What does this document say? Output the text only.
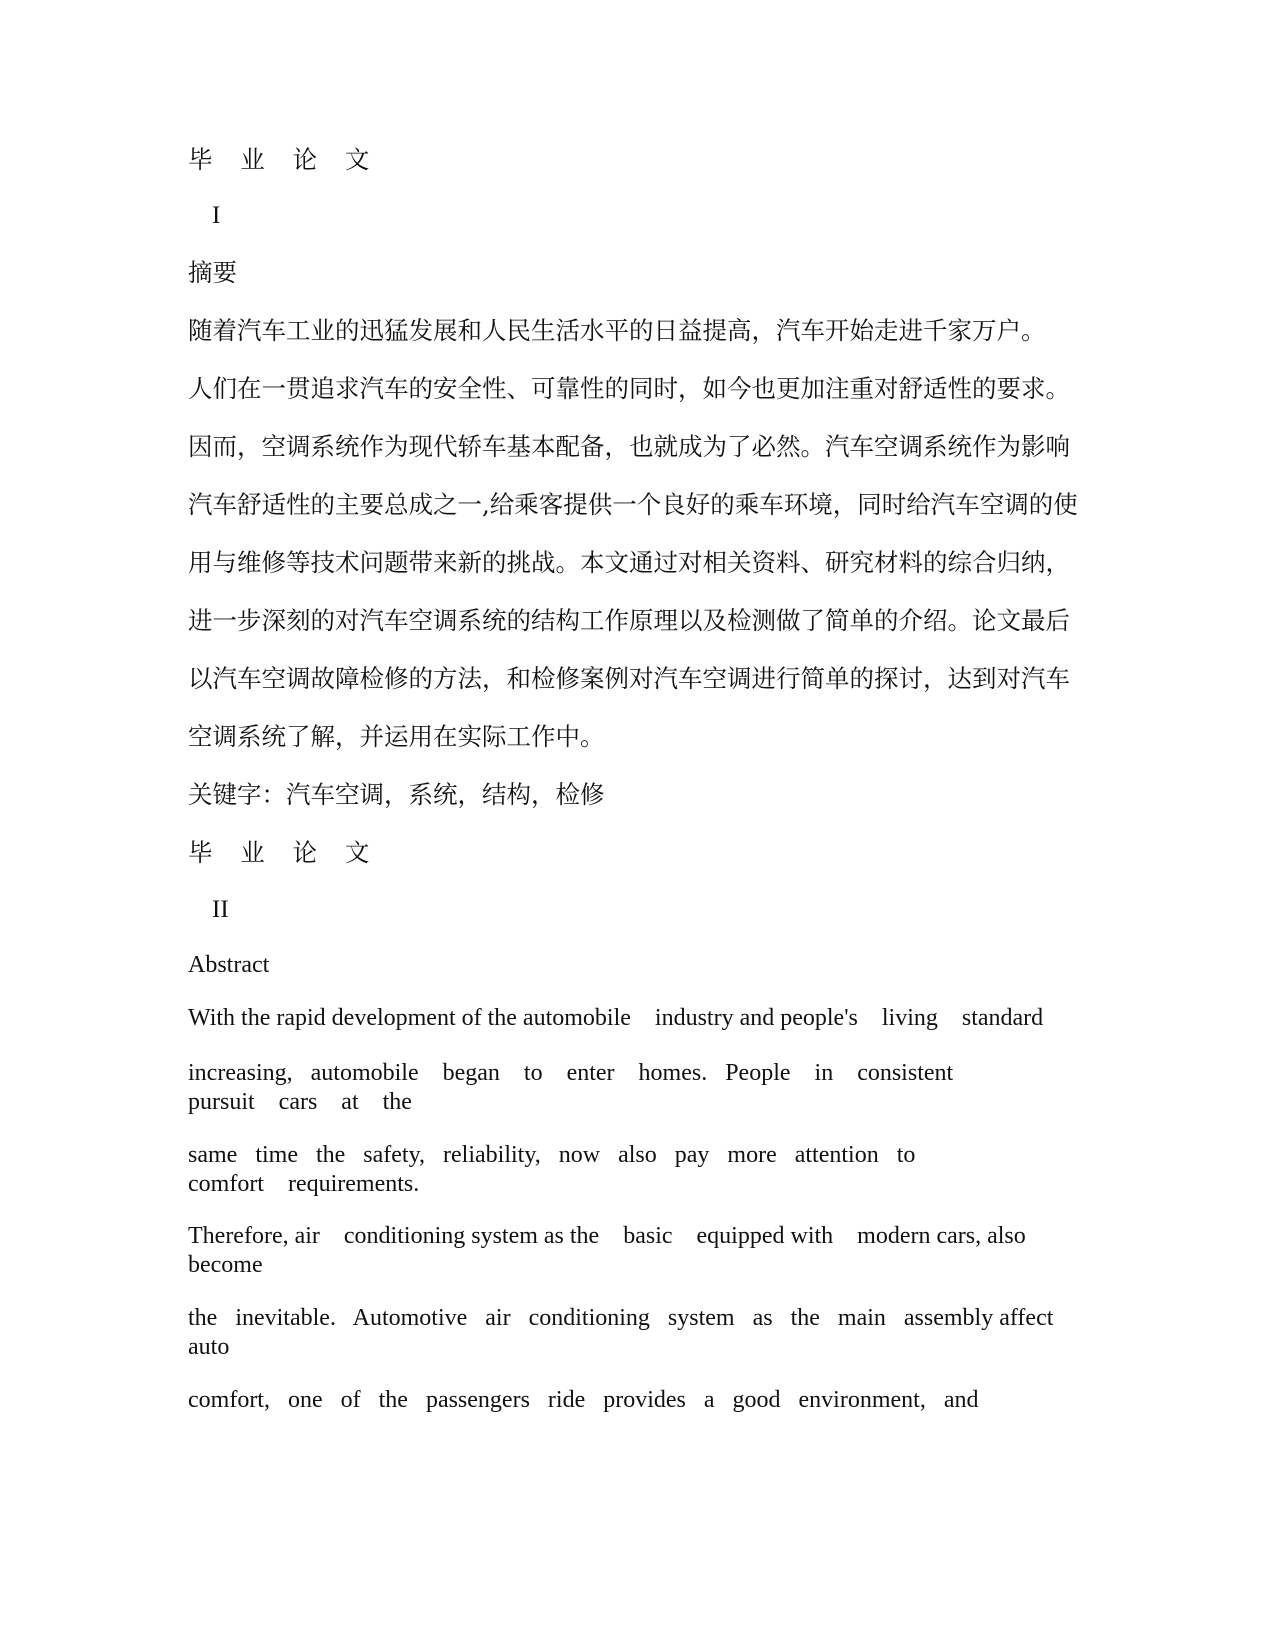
毕 业 论 文
I
摘要
随着汽车工业的迅猛发展和人民生活水平的日益提高，汽车开始走进千家万户。
人们在一贯追求汽车的安全性、可靠性的同时，如今也更加注重对舒适性的要求。
因而，空调系统作为现代轿车基本配备，也就成为了必然。汽车空调系统作为影响
汽车舒适性的主要总成之一,给乘客提供一个良好的乘车环境，同时给汽车空调的使
用与维修等技术问题带来新的挑战。本文通过对相关资料、研究材料的综合归纳，
进一步深刻的对汽车空调系统的结构工作原理以及检测做了简单的介绍。论文最后
以汽车空调故障检修的方法，和检修案例对汽车空调进行简单的探讨，达到对汽车
空调系统了解，并运用在实际工作中。
关键字：汽车空调，系统，结构，检修
毕 业 论 文
II
Abstract
With the rapid development of the automobile    industry and people's    living    standard
increasing,   automobile    began    to    enter    homes.   People    in    consistent pursuit    cars    at    the
same   time   the   safety,   reliability,   now   also   pay   more   attention   to comfort    requirements.
Therefore, air    conditioning system as the    basic    equipped with    modern cars, also become
the   inevitable.   Automotive   air   conditioning   system   as   the   main   assembly affect    auto
comfort,   one   of   the   passengers   ride   provides   a   good   environment,   and
